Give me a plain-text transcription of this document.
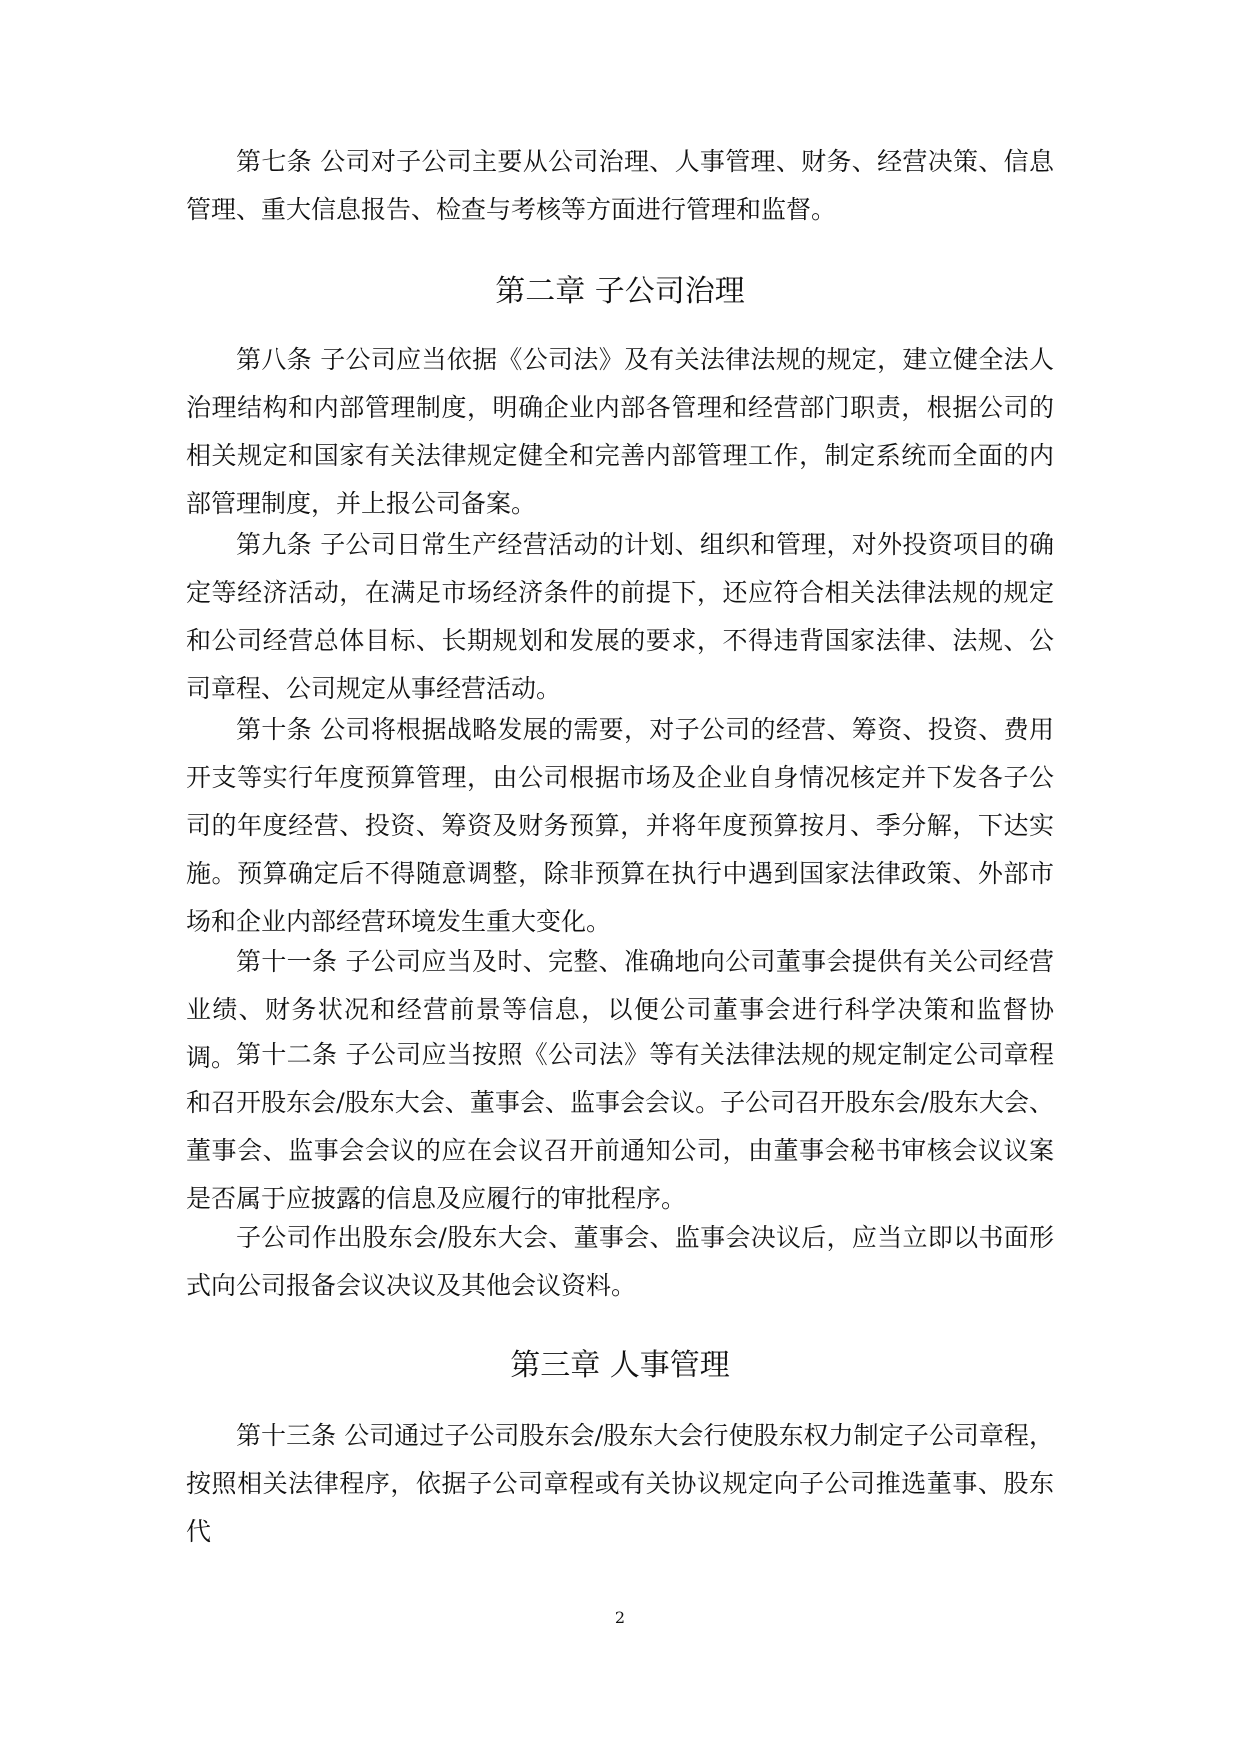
第七条 公司对子公司主要从公司治理、人事管理、财务、经营决策、信息管理、重大信息报告、检查与考核等方面进行管理和监督。

第二章 子公司治理

第八条 子公司应当依据《公司法》及有关法律法规的规定，建立健全法人治理结构和内部管理制度，明确企业内部各管理和经营部门职责，根据公司的相关规定和国家有关法律规定健全和完善内部管理工作，制定系统而全面的内部管理制度，并上报公司备案。

第九条 子公司日常生产经营活动的计划、组织和管理，对外投资项目的确定等经济活动，在满足市场经济条件的前提下，还应符合相关法律法规的规定和公司经营总体目标、长期规划和发展的要求，不得违背国家法律、法规、公司章程、公司规定从事经营活动。

第十条 公司将根据战略发展的需要，对子公司的经营、筹资、投资、费用开支等实行年度预算管理，由公司根据市场及企业自身情况核定并下发各子公司的年度经营、投资、筹资及财务预算，并将年度预算按月、季分解，下达实施。预算确定后不得随意调整，除非预算在执行中遇到国家法律政策、外部市场和企业内部经营环境发生重大变化。

第十一条 子公司应当及时、完整、准确地向公司董事会提供有关公司经营业绩、财务状况和经营前景等信息，以便公司董事会进行科学决策和监督协调。 第十二条 子公司应当按照《公司法》等有关法律法规的规定制定公司章程和召开股东会/股东大会、董事会、监事会会议。子公司召开股东会/股东大会、董事会、监事会会议的应在会议召开前通知公司，由董事会秘书审核会议议案是否属于应披露的信息及应履行的审批程序。

子公司作出股东会/股东大会、董事会、监事会决议后，应当立即以书面形式向公司报备会议决议及其他会议资料。

第三章 人事管理

第十三条 公司通过子公司股东会/股东大会行使股东权力制定子公司章程，按照相关法律程序，依据子公司章程或有关协议规定向子公司推选董事、股东代

2
